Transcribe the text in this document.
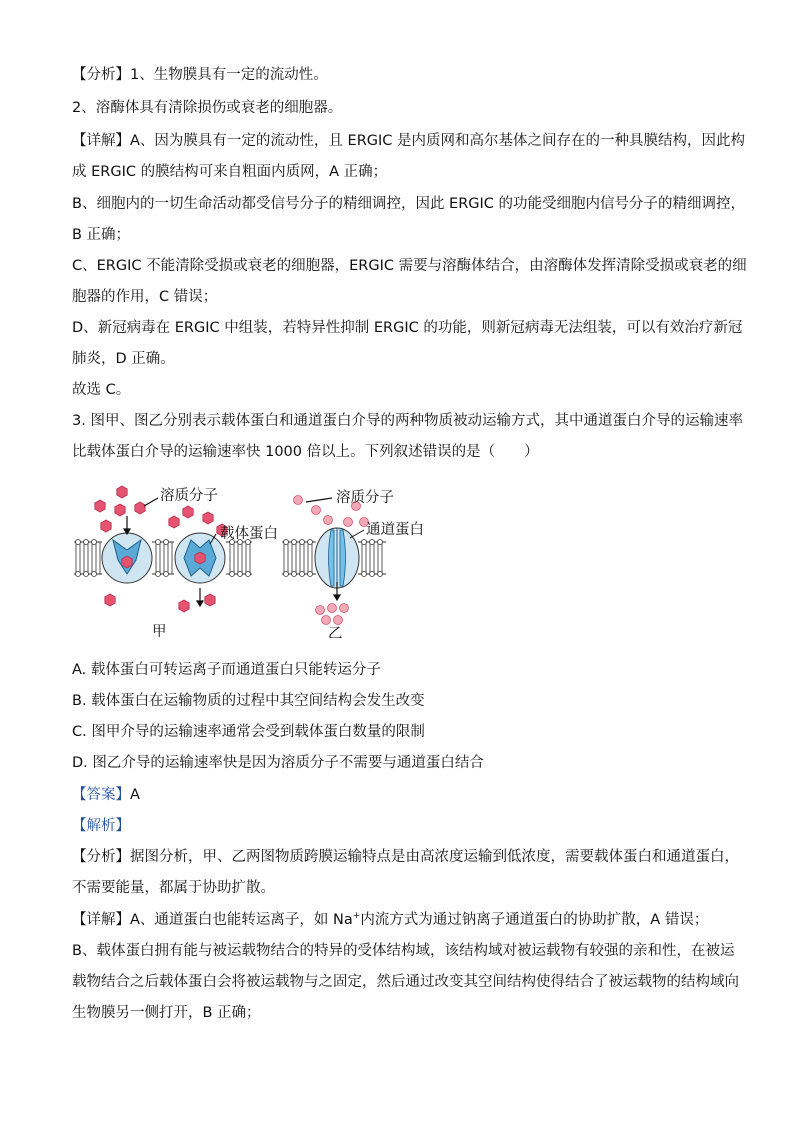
【分析】1、生物膜具有一定的流动性。
2、溶酶体具有清除损伤或衰老的细胞器。
【详解】A、因为膜具有一定的流动性，且 ERGIC 是内质网和高尔基体之间存在的一种具膜结构，因此构
成 ERGIC 的膜结构可来自粗面内质网，A 正确；
B、细胞内的一切生命活动都受信号分子的精细调控，因此 ERGIC 的功能受细胞内信号分子的精细调控，
B 正确；
C、ERGIC 不能清除受损或衰老的细胞器，ERGIC 需要与溶酶体结合，由溶酶体发挥清除受损或衰老的细
胞器的作用，C 错误；
D、新冠病毒在 ERGIC 中组装，若特异性抑制 ERGIC 的功能，则新冠病毒无法组装，可以有效治疗新冠
肺炎，D 正确。
故选 C。
3. 图甲、图乙分别表示载体蛋白和通道蛋白介导的两种物质被动运输方式，其中通道蛋白介导的运输速率
比载体蛋白介导的运输速率快 1000 倍以上。下列叙述错误的是（　　）
溶质分子
载体蛋白
溶质分子
通道蛋白
甲	乙
A. 载体蛋白可转运离子而通道蛋白只能转运分子
B. 载体蛋白在运输物质的过程中其空间结构会发生改变
C. 图甲介导的运输速率通常会受到载体蛋白数量的限制
D. 图乙介导的运输速率快是因为溶质分子不需要与通道蛋白结合
【答案】A
【解析】
【分析】据图分析，甲、乙两图物质跨膜运输特点是由高浓度运输到低浓度，需要载体蛋白和通道蛋白，
不需要能量，都属于协助扩散。
【详解】A、通道蛋白也能转运离子，如 Na+内流方式为通过钠离子通道蛋白的协助扩散，A 错误；
B、载体蛋白拥有能与被运载物结合的特异的受体结构域，该结构域对被运载物有较强的亲和性，在被运
载物结合之后载体蛋白会将被运载物与之固定，然后通过改变其空间结构使得结合了被运载物的结构域向
生物膜另一侧打开，B 正确；
